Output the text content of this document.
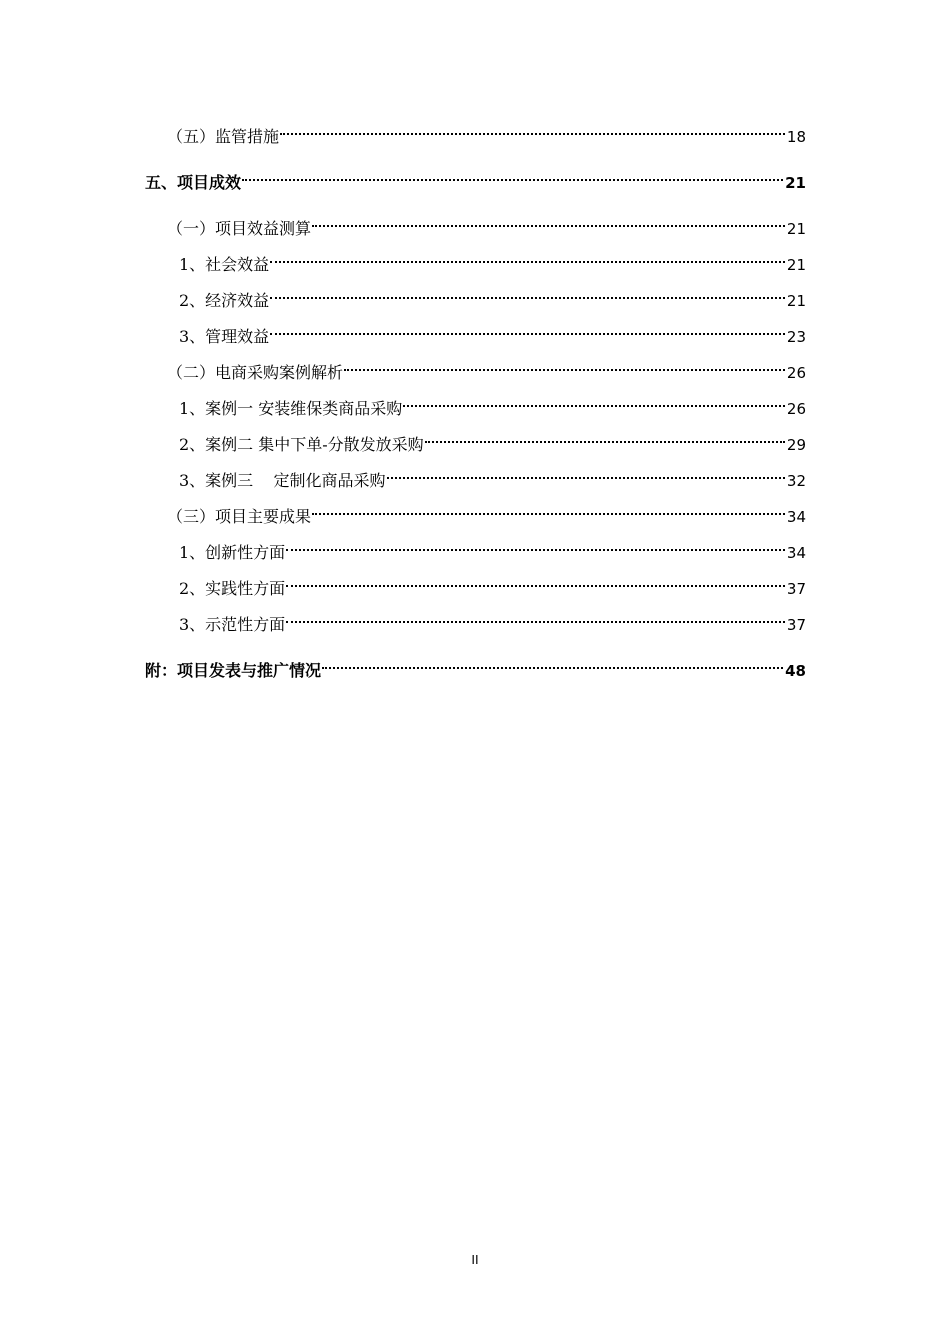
（五）监管措施	18
五、项目成效	21
（一）项目效益测算	21
1、社会效益	21
2、经济效益	21
3、管理效益	23
（二）电商采购案例解析	26
1、案例一 安装维保类商品采购	26
2、案例二 集中下单-分散发放采购	29
3、案例三    定制化商品采购	32
（三）项目主要成果	34
1、创新性方面	34
2、实践性方面	37
3、示范性方面	37
附：项目发表与推广情况	48
II
